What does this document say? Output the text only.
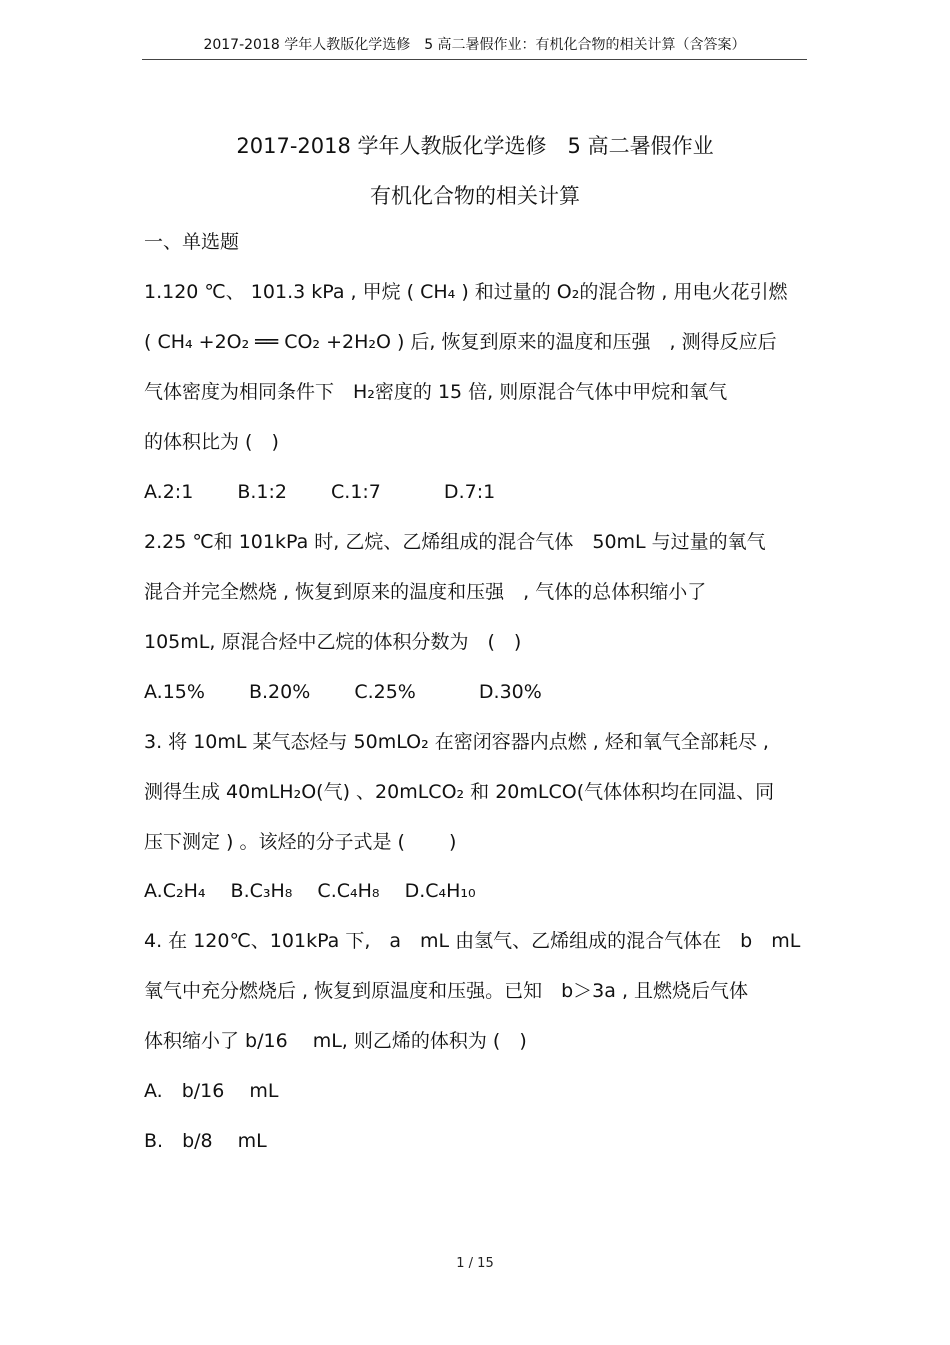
2017-2018 学年人教版化学选修　5 高二暑假作业：有机化合物的相关计算（含答案）
2017-2018 学年人教版化学选修　5 高二暑假作业
有机化合物的相关计算
一、单选题
1.120 ℃、 101.3 kPa , 甲烷 ( CH₄ ) 和过量的 O₂的混合物 , 用电火花引燃
( CH₄ +2O₂ ══ CO₂ +2H₂O ) 后, 恢复到原来的温度和压强　, 测得反应后
气体密度为相同条件下　H₂密度的 15 倍, 则原混合气体中甲烷和氧气
的体积比为 (　)
A.2:1　　 B.1:2　　 C.1:7　　　 D.7:1
2.25 ℃和 101kPa 时, 乙烷、乙烯组成的混合气体　50mL 与过量的氧气
混合并完全燃烧 , 恢复到原来的温度和压强　, 气体的总体积缩小了
105mL, 原混合烃中乙烷的体积分数为　(　)
A.15%　　 B.20%　　 C.25%　　　 D.30%
3. 将 10mL 某气态烃与 50mLO₂ 在密闭容器内点燃 , 烃和氧气全部耗尽 ,
测得生成 40mLH₂O(气) 、20mLCO₂ 和 20mLCO(气体体积均在同温、同
压下测定 ) 。该烃的分子式是 (　　 )
A.C₂H₄　 B.C₃H₈　 C.C₄H₈　 D.C₄H₁₀
4. 在 120℃、101kPa 下,　a　mL 由氢气、乙烯组成的混合气体在　b　mL
氧气中充分燃烧后 , 恢复到原温度和压强。已知　b＞3a , 且燃烧后气体
体积缩小了 b/16　 mL, 则乙烯的体积为 (　)
A.　b/16　 mL
B.　b/8　 mL
1 / 15
